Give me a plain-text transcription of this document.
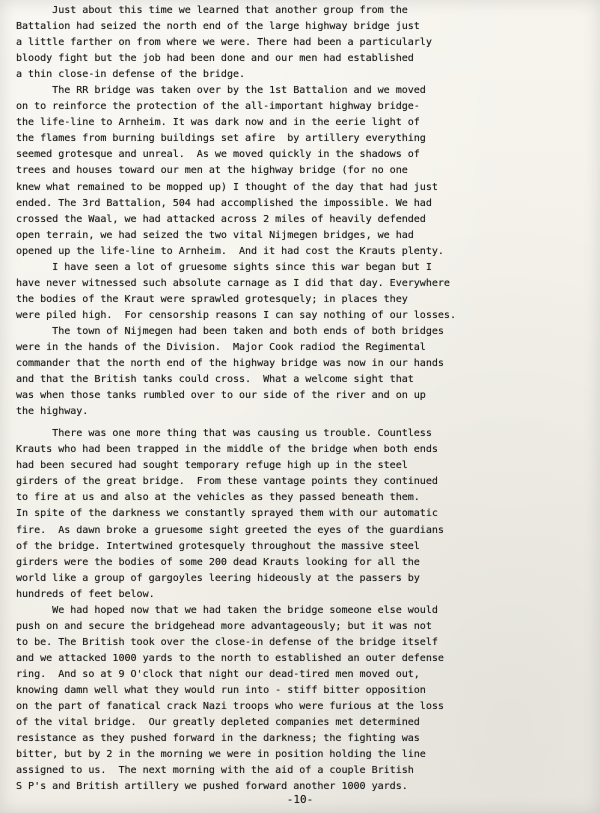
Just about this time we learned that another group from the
Battalion had seized the north end of the large highway bridge just
a little farther on from where we were. There had been a particularly
bloody fight but the job had been done and our men had established
a thin close-in defense of the bridge.
The RR bridge was taken over by the 1st Battalion and we moved
on to reinforce the protection of the all-important highway bridge-
the life-line to Arnheim. It was dark now and in the eerie light of
the flames from burning buildings set afire  by artillery everything
seemed grotesque and unreal.  As we moved quickly in the shadows of
trees and houses toward our men at the highway bridge (for no one
knew what remained to be mopped up) I thought of the day that had just
ended. The 3rd Battalion, 504 had accomplished the impossible. We had
crossed the Waal, we had attacked across 2 miles of heavily defended
open terrain, we had seized the two vital Nijmegen bridges, we had
opened up the life-line to Arnheim.  And it had cost the Krauts plenty.
I have seen a lot of gruesome sights since this war began but I
have never witnessed such absolute carnage as I did that day. Everywhere
the bodies of the Kraut were sprawled grotesquely; in places they
were piled high.  For censorship reasons I can say nothing of our losses.
The town of Nijmegen had been taken and both ends of both bridges
were in the hands of the Division.  Major Cook radiod the Regimental
commander that the north end of the highway bridge was now in our hands
and that the British tanks could cross.  What a welcome sight that
was when those tanks rumbled over to our side of the river and on up
the highway.
There was one more thing that was causing us trouble. Countless
Krauts who had been trapped in the middle of the bridge when both ends
had been secured had sought temporary refuge high up in the steel
girders of the great bridge.  From these vantage points they continued
to fire at us and also at the vehicles as they passed beneath them.
In spite of the darkness we constantly sprayed them with our automatic
fire.  As dawn broke a gruesome sight greeted the eyes of the guardians
of the bridge. Intertwined grotesquely throughout the massive steel
girders were the bodies of some 200 dead Krauts looking for all the
world like a group of gargoyles leering hideously at the passers by
hundreds of feet below.
We had hoped now that we had taken the bridge someone else would
push on and secure the bridgehead more advantageously; but it was not
to be. The British took over the close-in defense of the bridge itself
and we attacked 1000 yards to the north to established an outer defense
ring.  And so at 9 O'clock that night our dead-tired men moved out,
knowing damn well what they would run into - stiff bitter opposition
on the part of fanatical crack Nazi troops who were furious at the loss
of the vital bridge.  Our greatly depleted companies met determined
resistance as they pushed forward in the darkness; the fighting was
bitter, but by 2 in the morning we were in position holding the line
assigned to us.  The next morning with the aid of a couple British
S P's and British artillery we pushed forward another 1000 yards.
-10-
